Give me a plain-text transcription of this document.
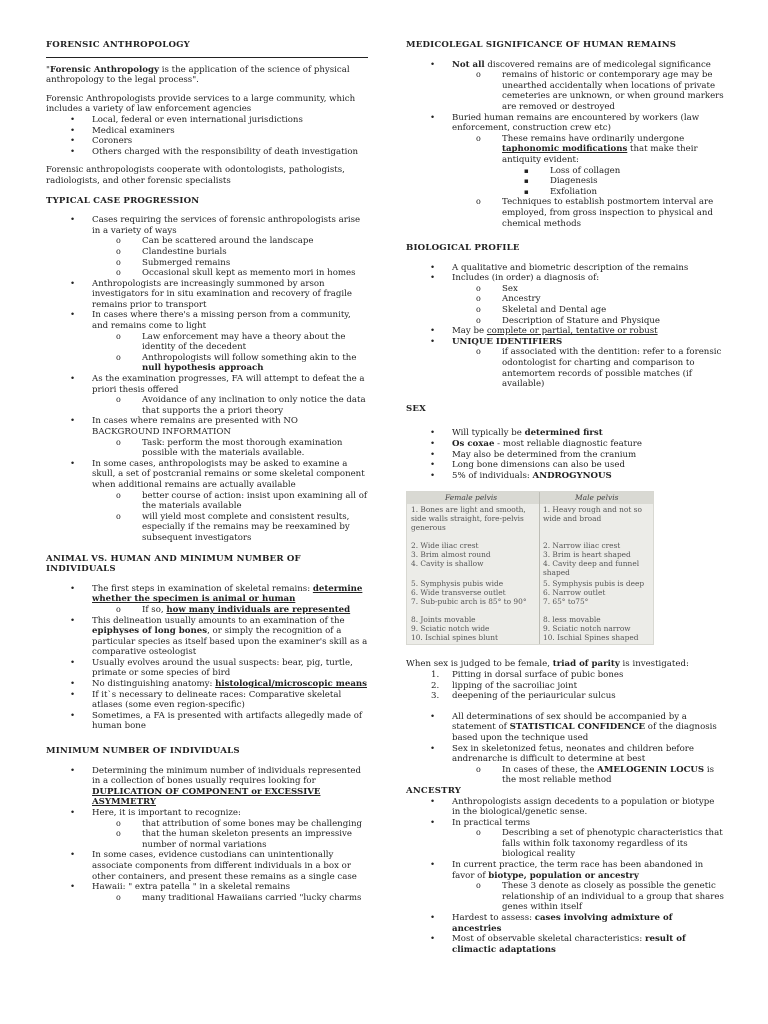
FORENSIC ANTHROPOLOGY

"Forensic Anthropology is the application of the science of physical anthropology to the legal process".

Forensic Anthropologists provide services to a large community, which includes a variety of law enforcement agencies

• Local, federal or even international jurisdictions
• Medical examiners
• Coroners
• Others charged with the responsibility of death investigation

Forensic anthropologists cooperate with odontologists, pathologists, radiologists, and other forensic specialists

TYPICAL CASE PROGRESSION
• Cases requiring the services of forensic anthropologists arise in a variety of ways
o Can be scattered around the landscape
o Clandestine burials
o Submerged remains
o Occasional skull kept as memento mori in homes
• Anthropologists are increasingly summoned by arson investigators for in situ examination and recovery of fragile remains prior to transport
• In cases where there's a missing person from a community, and remains come to light
o Law enforcement may have a theory about the identity of the decedent
o Anthropologists will follow something akin to the null hypothesis approach
• As the examination progresses, FA will attempt to defeat the a priori thesis offered
o Avoidance of any inclination to only notice the data that supports the a priori theory
• In cases where remains are presented with NO BACKGROUND INFORMATION
o Task: perform the most thorough examination possible with the materials available.
• In some cases, anthropologists may be asked to examine a skull, a set of postcranial remains or some skeletal component when additional remains are actually available
o better course of action: insist upon examining all of the materials available
o will yield most complete and consistent results, especially if the remains may be reexamined by subsequent investigators
ANIMAL VS. HUMAN AND MINIMUM NUMBER OF INDIVIDUALS
• The first steps in examination of skeletal remains: determine whether the specimen is animal or human
o If so, how many individuals are represented
• This delineation usually amounts to an examination of the epiphyses of long bones, or simply the recognition of a particular species as itself based upon the examiner's skill as a comparative osteologist
• Usually evolves around the usual suspects: bear, pig, turtle, primate or some species of bird
• No distinguishing anatomy: histological/microscopic means
• If it`s necessary to delineate races: Comparative skeletal atlases (some even region-specific)
• Sometimes, a FA is presented with artifacts allegedly made of human bone
MINIMUM NUMBER OF INDIVIDUALS
• Determining the minimum number of individuals represented in a collection of bones usually requires looking for DUPLICATION OF COMPONENT or EXCESSIVE ASYMMETRY
• Here, it is important to recognize:
o that attribution of some bones may be challenging
o that the human skeleton presents an impressive number of normal variations
• In some cases, evidence custodians can unintentionally associate components from different individuals in a box or other containers, and present these remains as a single case
• Hawaii: " extra patella " in a skeletal remains
o many traditional Hawaiians carried "lucky charms
MEDICOLEGAL SIGNIFICANCE OF HUMAN REMAINS
• Not all discovered remains are of medicolegal significance
o remains of historic or contemporary age may be unearthed accidentally when locations of private cemeteries are unknown, or when ground markers are removed or destroyed
• Buried human remains are encountered by workers (law enforcement, construction crew etc)
o These remains have ordinarily undergone taphonomic modifications that make their antiquity evident:
▪ Loss of collagen
▪ Diagenesis
▪ Exfoliation
o Techniques to establish postmortem interval are employed, from gross inspection to physical and chemical methods
BIOLOGICAL PROFILE
• A qualitative and biometric description of the remains
• Includes (in order) a diagnosis of:
o Sex
o Ancestry
o Skeletal and Dental age
o Description of Stature and Physique
• May be complete or partial, tentative or robust
• UNIQUE IDENTIFIERS
o if associated with the dentition: refer to a forensic odontologist for charting and comparison to antemortem records of possible matches (if available)
SEX
• Will typically be determined first
• Os coxae - most reliable diagnostic feature
• May also be determined from the cranium
• Long bone dimensions can also be used
• 5% of individuals: ANDROGYNOUS
Female pelvis	Male pelvis
1. Bones are light and smooth, side walls straight, fore-pelvis generous
2. Wide iliac crest
3. Brim almost round
4. Cavity is shallow
5. Symphysis pubis wide
6. Wide transverse outlet
7. Sub-pubic arch is 85° to 90°
8. Joints movable
9. Sciatic notch wide
10. Ischial spines blunt
1. Heavy rough and not so wide and broad
2. Narrow iliac crest
3. Brim is heart shaped
4. Cavity deep and funnel shaped
5. Symphysis pubis is deep
6. Narrow outlet
7. 65° to75°
8. less movable
9. Sciatic notch narrow
10. Ischial Spines shaped

When sex is judged to be female, triad of parity is investigated:

1. Pitting in dorsal surface of pubic bones
2. lipping of the sacroiliac joint
3. deepening of the periauricular sulcus
• All determinations of sex should be accompanied by a statement of STATISTICAL CONFIDENCE of the diagnosis based upon the technique used
• Sex in skeletonized fetus, neonates and children before andrenarche is difficult to determine at best
o In cases of these, the AMELOGENIN LOCUS is the most reliable method
ANCESTRY
• Anthropologists assign decedents to a population or biotype in the biological/genetic sense.
• In practical terms
o Describing a set of phenotypic characteristics that falls within folk taxonomy regardless of its biological reality
• In current practice, the term race has been abandoned in favor of biotype, population or ancestry
o These 3 denote as closely as possible the genetic relationship of an individual to a group that shares genes within itself
• Hardest to assess: cases involving admixture of ancestries
• Most of observable skeletal characteristics: result of climactic adaptations
